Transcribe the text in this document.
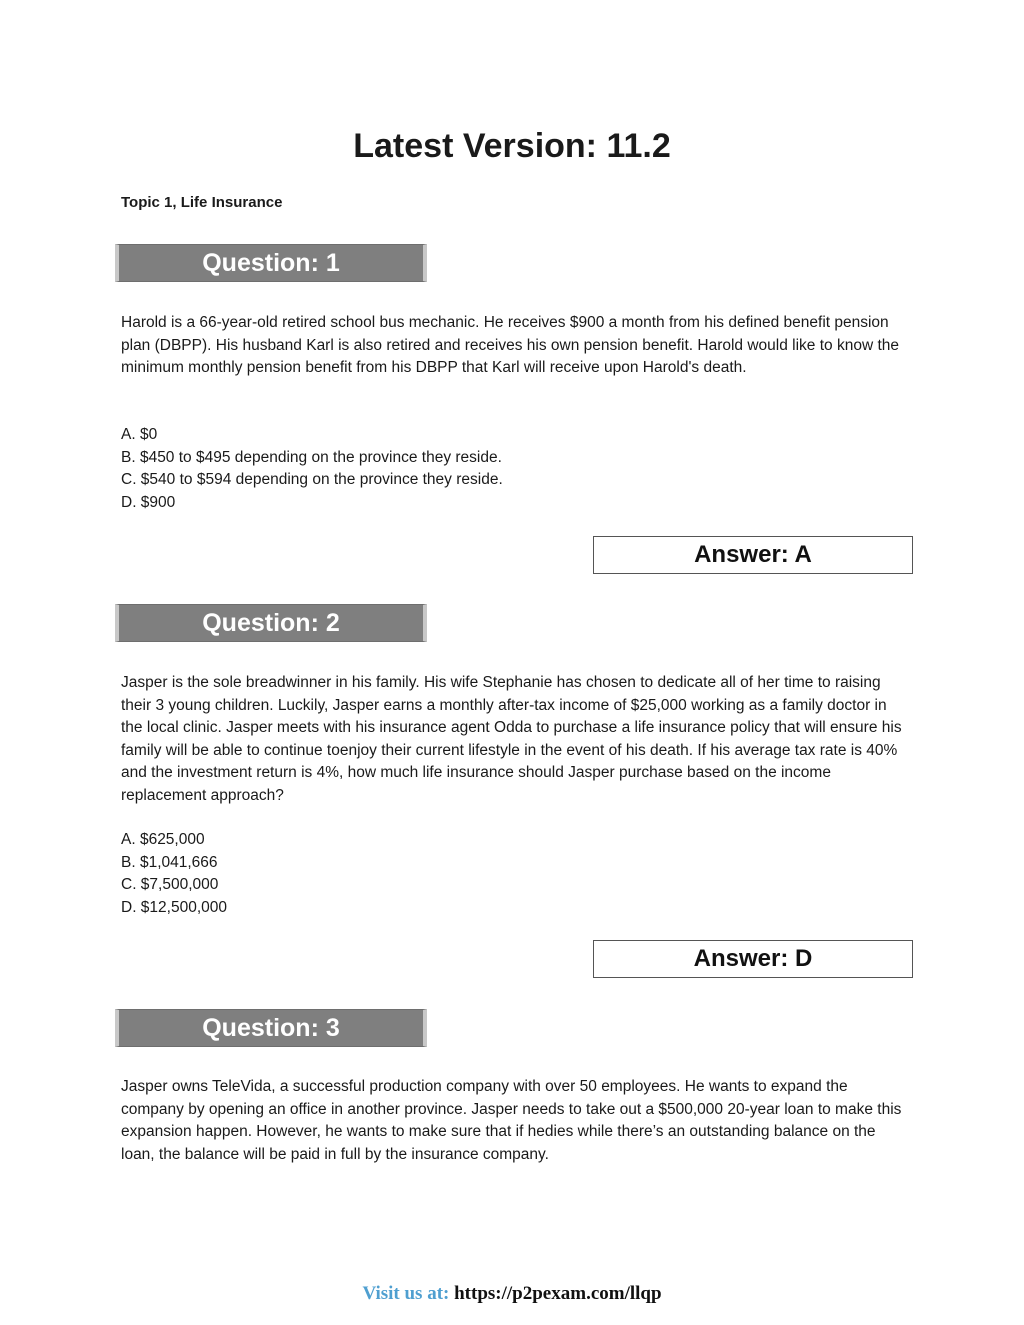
Latest Version: 11.2
Topic 1, Life Insurance
Question: 1

Harold is a 66-year-old retired school bus mechanic. He receives $900 a month from his defined benefit pension plan (DBPP). His husband Karl is also retired and receives his own pension benefit. Harold would like to know the minimum monthly pension benefit from his DBPP that Karl will receive upon Harold's death.

A. $0
B. $450 to $495 depending on the province they reside.
C. $540 to $594 depending on the province they reside.
D. $900
Answer: A
Question: 2

Jasper is the sole breadwinner in his family. His wife Stephanie has chosen to dedicate all of her time to raising their 3 young children. Luckily, Jasper earns a monthly after-tax income of $25,000 working as a family doctor in the local clinic. Jasper meets with his insurance agent Odda to purchase a life insurance policy that will ensure his family will be able to continue toenjoy their current lifestyle in the event of his death. If his average tax rate is 40% and the investment return is 4%, how much life insurance should Jasper purchase based on the income replacement approach?

A. $625,000
B. $1,041,666
C. $7,500,000
D. $12,500,000
Answer: D
Question: 3

Jasper owns TeleVida, a successful production company with over 50 employees. He wants to expand the company by opening an office in another province. Jasper needs to take out a $500,000 20-year loan to make this expansion happen. However, he wants to make sure that if hedies while there’s an outstanding balance on the loan, the balance will be paid in full by the insurance company.

Visit us at: https://p2pexam.com/llqp
